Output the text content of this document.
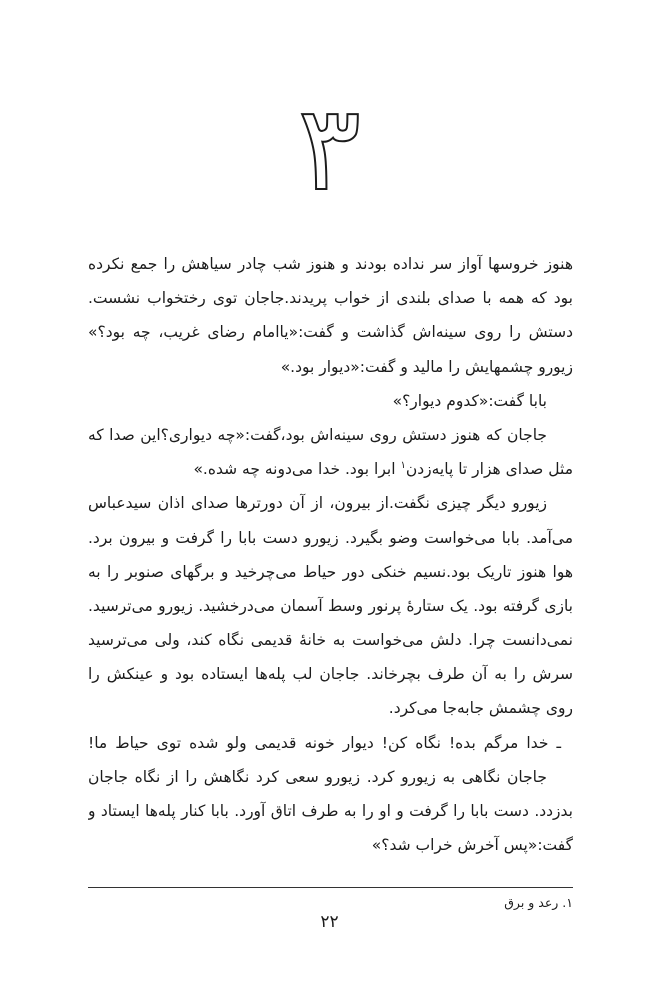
۳
هنوز خروسها آواز سر نداده بودند و هنوز شب چادر سیاهش را جمع نکرده
بود که همه با صدای بلندی از خواب پریدند.جاجان توی رختخواب نشست.
دستش را روی سینه‌اش گذاشت و گفت:«یاامام رضای غریب، چه بود؟»
زیورو چشمهایش را مالید و گفت:«دیوار بود.»
بابا گفت:«کدوم دیوار؟»
جاجان که هنوز دستش روی سینه‌اش بود،گفت:«چه دیواری؟این صدا که
مثل صدای هزار تا پایه‌زدن$^۱$ ابرا بود. خدا می‌دونه چه شده.»
زیورو دیگر چیزی نگفت.از بیرون، از آن دورترها صدای اذان سیدعباس
می‌آمد. بابا می‌خواست وضو بگیرد. زیورو دست بابا را گرفت و بیرون برد.
هوا هنوز تاریک بود.نسیم خنکی دور حیاط می‌چرخید و برگهای صنوبر را به
بازی گرفته بود. یک ستارهٔ پرنور وسط آسمان می‌درخشید. زیورو می‌ترسید.
نمی‌دانست چرا. دلش می‌خواست به خانهٔ قدیمی نگاه کند، ولی می‌ترسید
سرش را به آن طرف بچرخاند. جاجان لب پله‌ها ایستاده بود و عینکش را
روی چشمش جابه‌جا می‌کرد.
ـ خدا مرگم بده! نگاه کن! دیوار خونه قدیمی ولو شده توی حیاط ما!
جاجان نگاهی به زیورو کرد. زیورو سعی کرد نگاهش را از نگاه جاجان
بدزدد. دست بابا را گرفت و او را به طرف اتاق آورد. بابا کنار پله‌ها ایستاد و
گفت:«پس آخرش خراب شد؟»
۱. رعد و برق
۲۲
